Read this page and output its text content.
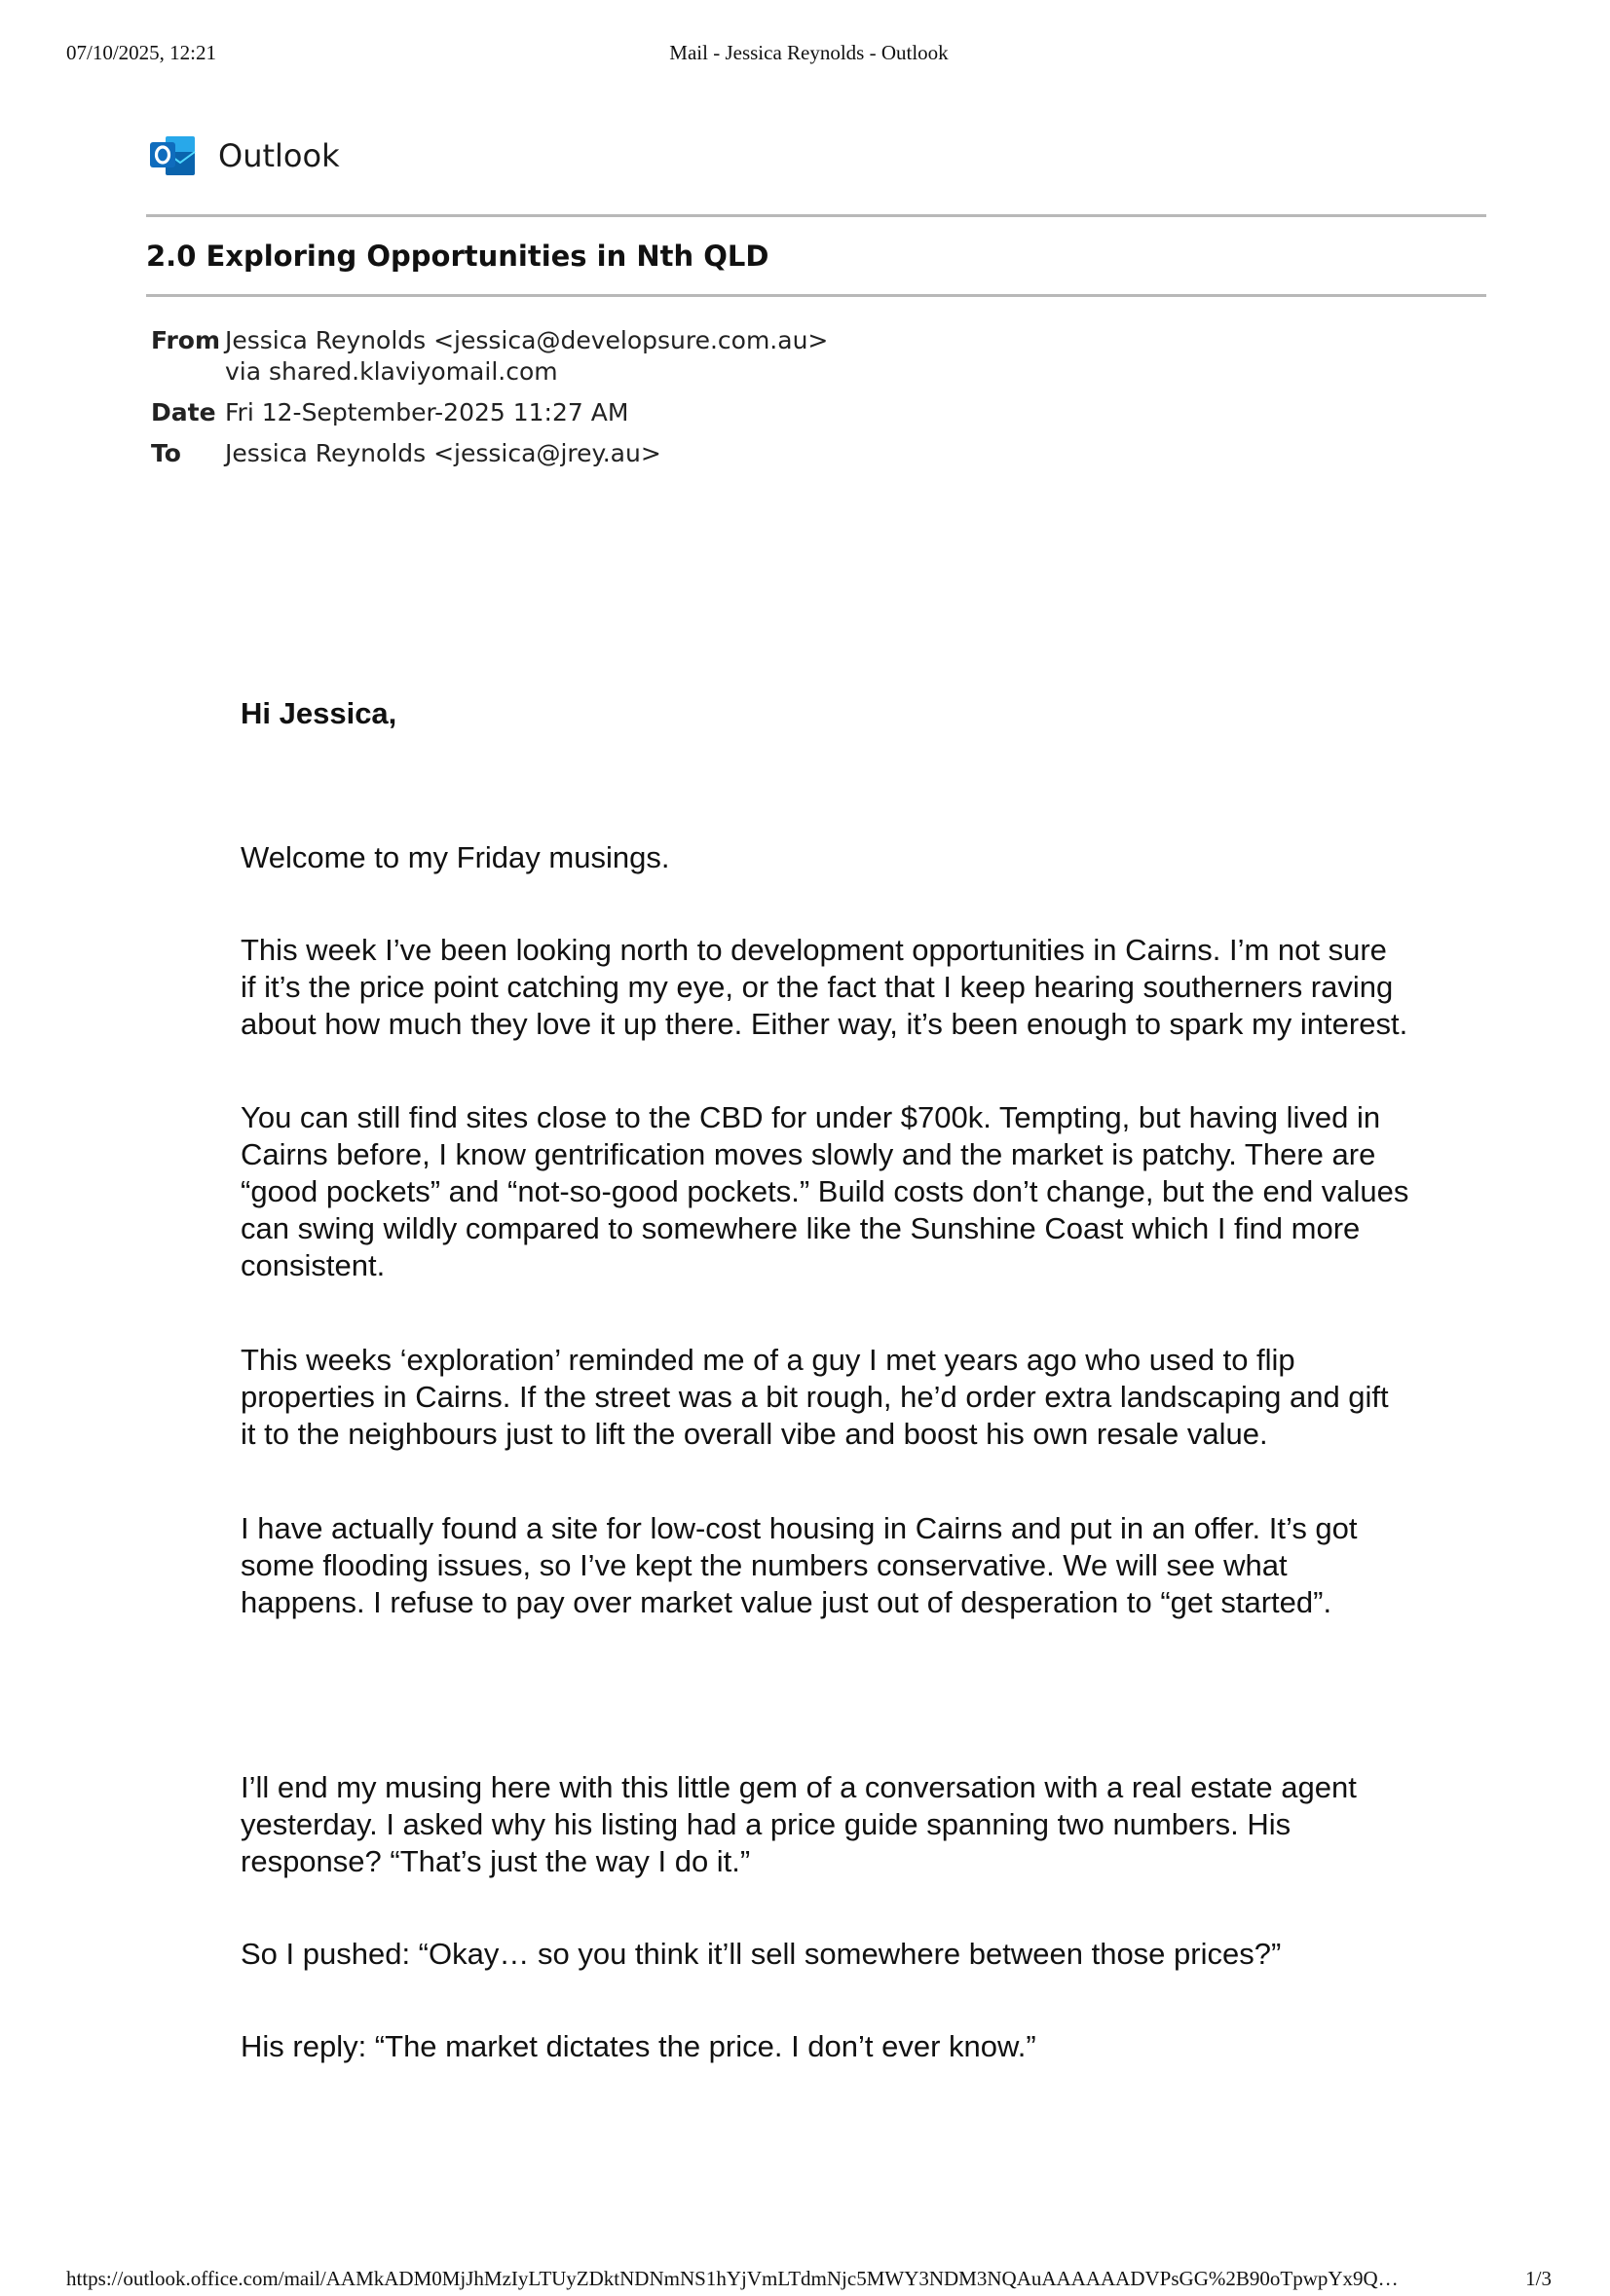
07/10/2025, 12:21	Mail - Jessica Reynolds - Outlook
Outlook
2.0 Exploring Opportunities in Nth QLD
From Jessica Reynolds <jessica@developsure.com.au>
via shared.klaviyomail.com
Date Fri 12-September-2025 11:27 AM
To	Jessica Reynolds <jessica@jrey.au>

Hi Jessica,

Welcome to my Friday musings.

This week I’ve been looking north to development opportunities in Cairns. I’m not sure if it’s the price point catching my eye, or the fact that I keep hearing southerners raving about how much they love it up there. Either way, it’s been enough to spark my interest.

You can still find sites close to the CBD for under $700k. Tempting, but having lived in Cairns before, I know gentrification moves slowly and the market is patchy. There are “good pockets” and “not-so-good pockets.” Build costs don’t change, but the end values can swing wildly compared to somewhere like the Sunshine Coast which I find more consistent.

This weeks ‘exploration’ reminded me of a guy I met years ago who used to flip properties in Cairns. If the street was a bit rough, he’d order extra landscaping and gift it to the neighbours just to lift the overall vibe and boost his own resale value.

I have actually found a site for low-cost housing in Cairns and put in an offer. It’s got some flooding issues, so I’ve kept the numbers conservative. We will see what happens. I refuse to pay over market value just out of desperation to “get started”.

I’ll end my musing here with this little gem of a conversation with a real estate agent yesterday. I asked why his listing had a price guide spanning two numbers. His response? “That’s just the way I do it.”

So I pushed: “Okay… so you think it’ll sell somewhere between those prices?”

His reply: “The market dictates the price. I don’t ever know.”

https://outlook.office.com/mail/AAMkADM0MjJhMzIyLTUyZDktNDNmNS1hYjVmLTdmNjc5MWY3NDM3NQAuAAAAAADVPsGG%2B90oTpwpYx9Q…	1/3
